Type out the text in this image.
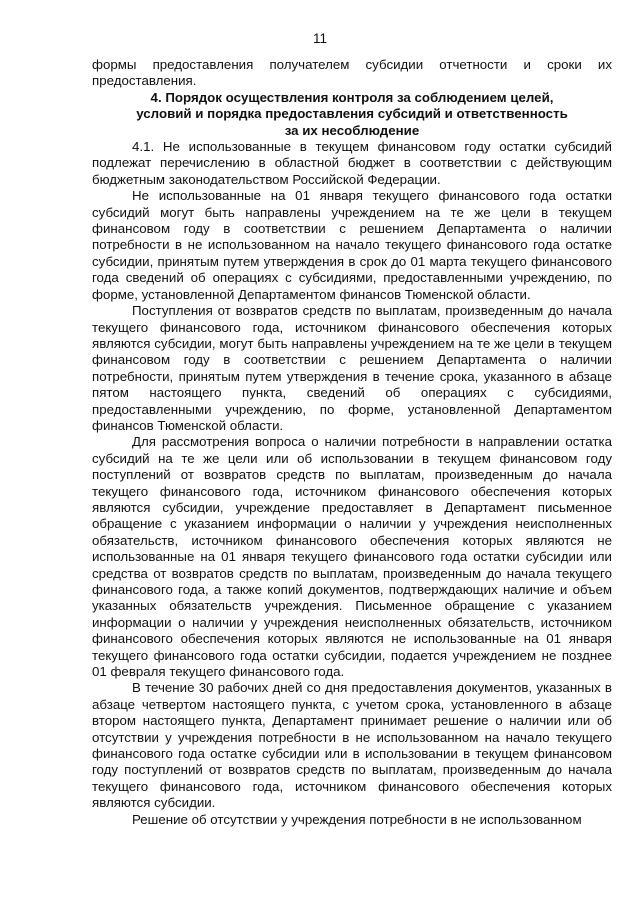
11

формы предоставления получателем субсидии отчетности и сроки их предоставления.

4. Порядок осуществления контроля за соблюдением целей,
условий и порядка предоставления субсидий и ответственность
за их несоблюдение

4.1. Не использованные в текущем финансовом году остатки субсидий подлежат перечислению в областной бюджет в соответствии с действующим бюджетным законодательством Российской Федерации.

Не использованные на 01 января текущего финансового года остатки субсидий могут быть направлены учреждением на те же цели в текущем финансовом году в соответствии с решением Департамента о наличии потребности в не использованном на начало текущего финансового года остатке субсидии, принятым путем утверждения в срок до 01 марта текущего финансового года сведений об операциях с субсидиями, предоставленными учреждению, по форме, установленной Департаментом финансов Тюменской области.

Поступления от возвратов средств по выплатам, произведенным до начала текущего финансового года, источником финансового обеспечения которых являются субсидии, могут быть направлены учреждением на те же цели в текущем финансовом году в соответствии с решением Департамента о наличии потребности, принятым путем утверждения в течение срока, указанного в абзаце пятом настоящего пункта, сведений об операциях с субсидиями, предоставленными учреждению, по форме, установленной Департаментом финансов Тюменской области.

Для рассмотрения вопроса о наличии потребности в направлении остатка субсидий на те же цели или об использовании в текущем финансовом году поступлений от возвратов средств по выплатам, произведенным до начала текущего финансового года, источником финансового обеспечения которых являются субсидии, учреждение предоставляет в Департамент письменное обращение с указанием информации о наличии у учреждения неисполненных обязательств, источником финансового обеспечения которых являются не использованные на 01 января текущего финансового года остатки субсидии или средства от возвратов средств по выплатам, произведенным до начала текущего финансового года, а также копий документов, подтверждающих наличие и объем указанных обязательств учреждения. Письменное обращение с указанием информации о наличии у учреждения неисполненных обязательств, источником финансового обеспечения которых являются не использованные на 01 января текущего финансового года остатки субсидии, подается учреждением не позднее 01 февраля текущего финансового года.

В течение 30 рабочих дней со дня предоставления документов, указанных в абзаце четвертом настоящего пункта, с учетом срока, установленного в абзаце втором настоящего пункта, Департамент принимает решение о наличии или об отсутствии у учреждения потребности в не использованном на начало текущего финансового года остатке субсидии или в использовании в текущем финансовом году поступлений от возвратов средств по выплатам, произведенным до начала текущего финансового года, источником финансового обеспечения которых являются субсидии.

Решение об отсутствии у учреждения потребности в не использованном
